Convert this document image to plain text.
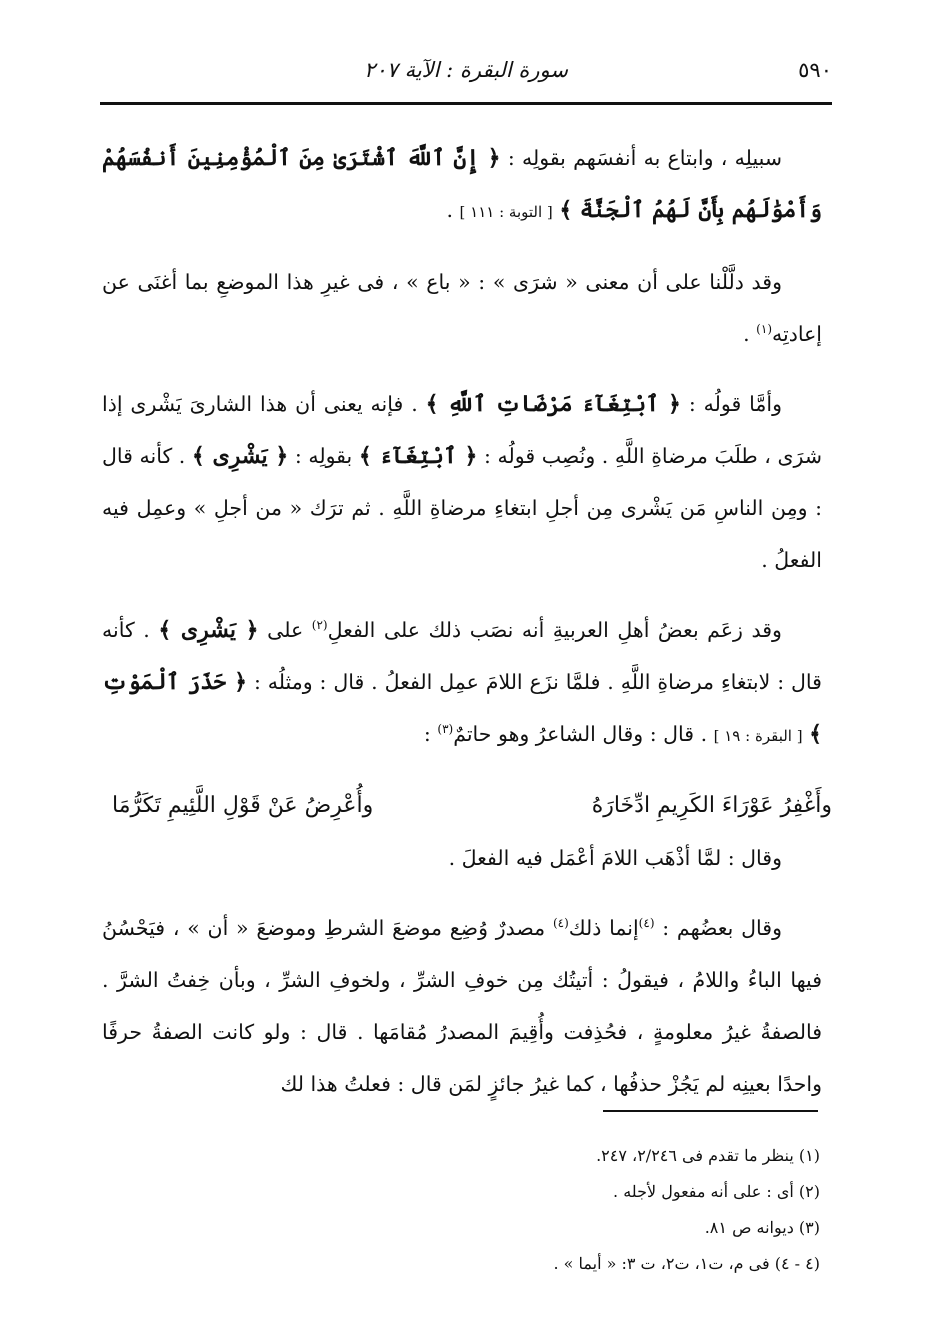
٥٩٠
سورة البقرة : الآية ٢٠٧

سبيلِه ، وابتاع به أنفسَهم بقولِه : ﴿ إِنَّ ٱللَّهَ ٱشْتَرَىٰ مِنَ ٱلْمُؤْمِنِينَ أَنفُسَهُمْ وَأَمْوَٰلَهُم بِأَنَّ لَهُمُ ٱلْجَنَّةَ ﴾ [ التوبة : ١١١ ] .

وقد دلَّلْنا على أن معنى « شرَى » : « باع » ، فى غيرِ هذا الموضعِ بما أغنَى عن إعادتِه$^{(١)}$ .

وأمَّا قولُه : ﴿ ٱبْتِغَآءَ مَرْضَاتِ ٱللَّهِ ﴾ . فإنه يعنى أن هذا الشارىَ يَشْرى إذا شرَى ، طلَبَ مرضاةِ اللَّهِ . ونُصِب قولُه : ﴿ ٱبْتِغَآءَ ﴾ بقولِه : ﴿ يَشْرِى ﴾ . كأنه قال : ومِن الناسِ مَن يَشْرى مِن أجلِ ابتغاءِ مرضاةِ اللَّهِ . ثم ترَك « من أجلِ » وعمِل فيه الفعلُ .

وقد زعَم بعضُ أهلِ العربيةِ أنه نصَب ذلك على الفعلِ$^{(٢)}$ على ﴿ يَشْرِى ﴾ . كأنه قال : لابتغاءِ مرضاةِ اللَّهِ . فلمَّا نزَع اللامَ عمِل الفعلُ . قال : ومثلُه : ﴿ حَذَرَ ٱلْمَوْتِ ﴾ [ البقرة : ١٩ ] . قال : وقال الشاعرُ وهو حاتمٌ$^{(٣)}$ :

وأَغْفِرُ عَوْرَاءَ الكَرِيمِ ادِّخَارَهُ
وأُعْرِضُ عَنْ قَوْلِ اللَّئِيمِ تَكَرُّمَا

وقال : لمَّا أذْهَب اللامَ أعْمَل فيه الفعلَ .

وقال بعضُهم : $^{(٤)}$إنما ذلك$^{(٤)}$ مصدرٌ وُضِع موضعَ الشرطِ وموضعَ « أن » ، فيَحْسُنُ فيها الباءُ واللامُ ، فيقولُ : أتيتُك مِن خوفِ الشرِّ ، ولخوفِ الشرِّ ، وبأن خِفتُ الشرَّ . فالصفةُ غيرُ معلومةٍ ، فحُذِفت وأُقِيمَ المصدرُ مُقامَها . قال : ولو كانت الصفةُ حرفًا واحدًا بعينِه لم يَجُزْ حذفُها ، كما غيرُ جائزٍ لمَن قال : فعلتُ هذا لك

(١) ينظر ما تقدم فى ٢/٢٤٦، ٢٤٧.

(٢) أى : على أنه مفعول لأجله .

(٣) ديوانه ص ٨١.

(٤ - ٤) فى م، ت١، ت٢، ت ٣: « أيما » .
